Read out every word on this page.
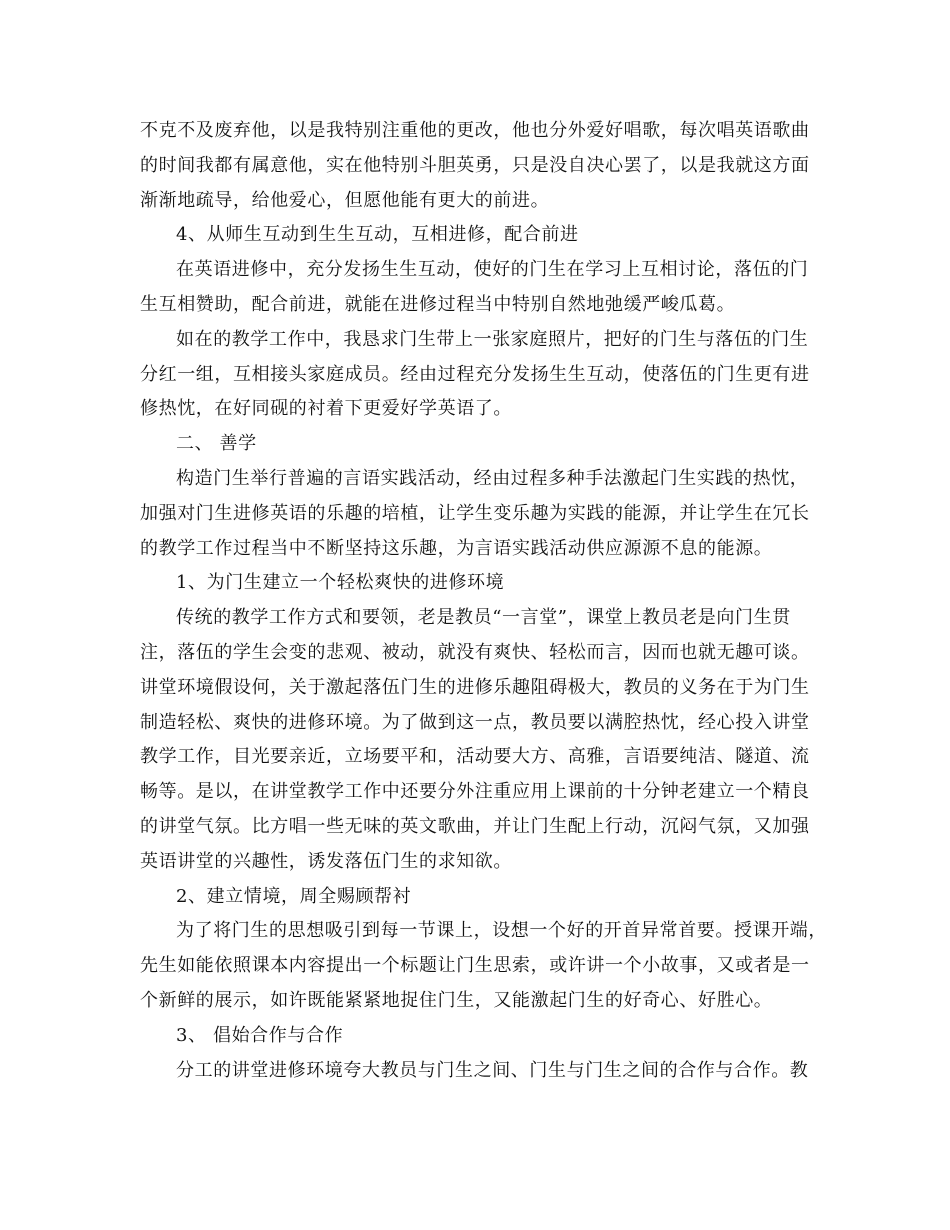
不克不及废弃他，以是我特别注重他的更改，他也分外爱好唱歌，每次唱英语歌曲
的时间我都有属意他，实在他特别斗胆英勇，只是没自决心罢了，以是我就这方面
渐渐地疏导，给他爱心，但愿他能有更大的前进。
4、从师生互动到生生互动，互相进修，配合前进
在英语进修中，充分发扬生生互动，使好的门生在学习上互相讨论，落伍的门
生互相赞助，配合前进，就能在进修过程当中特别自然地弛缓严峻瓜葛。
如在的教学工作中，我恳求门生带上一张家庭照片，把好的门生与落伍的门生
分红一组，互相接头家庭成员。经由过程充分发扬生生互动，使落伍的门生更有进
修热忱，在好同砚的衬着下更爱好学英语了。
二、 善学
构造门生举行普遍的言语实践活动，经由过程多种手法激起门生实践的热忱，
加强对门生进修英语的乐趣的培植，让学生变乐趣为实践的能源，并让学生在冗长
的教学工作过程当中不断坚持这乐趣，为言语实践活动供应源源不息的能源。
1、为门生建立一个轻松爽快的进修环境
传统的教学工作方式和要领，老是教员“一言堂”，课堂上教员老是向门生贯
注，落伍的学生会变的悲观、被动，就没有爽快、轻松而言，因而也就无趣可谈。
讲堂环境假设何，关于激起落伍门生的进修乐趣阻碍极大，教员的义务在于为门生
制造轻松、爽快的进修环境。为了做到这一点，教员要以满腔热忱，经心投入讲堂
教学工作，目光要亲近，立场要平和，活动要大方、高雅，言语要纯洁、隧道、流
畅等。是以，在讲堂教学工作中还要分外注重应用上课前的十分钟老建立一个精良
的讲堂气氛。比方唱一些无味的英文歌曲，并让门生配上行动，沉闷气氛，又加强
英语讲堂的兴趣性，诱发落伍门生的求知欲。
2、建立情境，周全赐顾帮衬
为了将门生的思想吸引到每一节课上，设想一个好的开首异常首要。授课开端，
先生如能依照课本内容提出一个标题让门生思索，或许讲一个小故事，又或者是一
个新鲜的展示，如许既能紧紧地捉住门生，又能激起门生的好奇心、好胜心。
3、 倡始合作与合作
分工的讲堂进修环境夸大教员与门生之间、门生与门生之间的合作与合作。教
